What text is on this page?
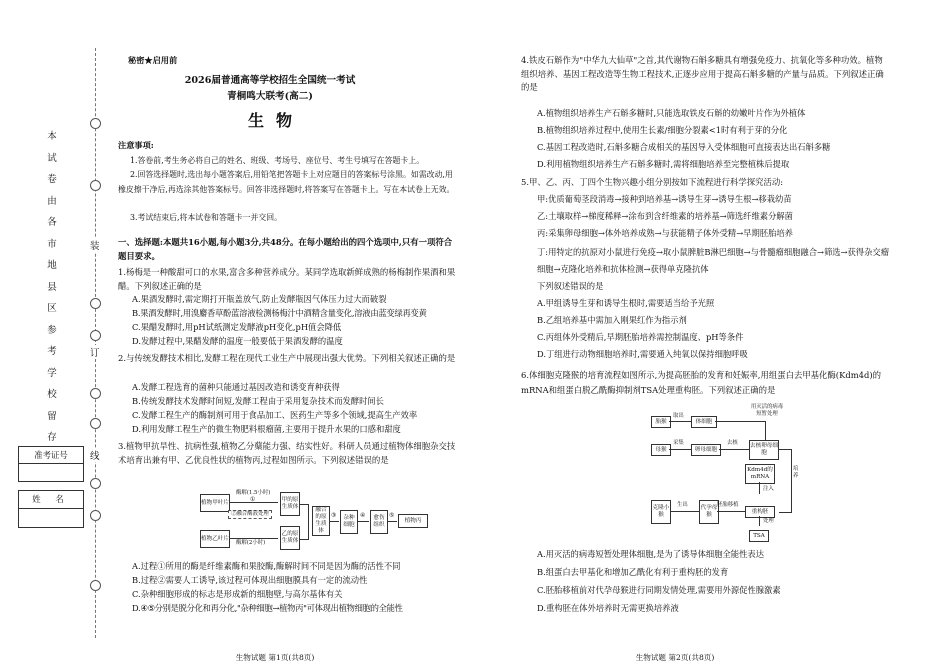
装
订
线
本
试
卷
由
各
市
地
县
区
参
考
学
校
留
存
准考证号
姓 名
秘密★启用前
2026届普通高等学校招生全国统一考试
青桐鸣大联考(高二)
生物
注意事项:
1.答卷前,考生务必将自己的姓名、班级、考场号、座位号、考生号填写在答题卡上。
2.回答选择题时,选出每小题答案后,用铅笔把答题卡上对应题目的答案标号涂黑。如需改动,用橡皮擦干净后,再选涂其他答案标号。回答非选择题时,将答案写在答题卡上。写在本试卷上无效。
3.考试结束后,将本试卷和答题卡一并交回。
一、选择题:本题共16小题,每小题3分,共48分。在每小题给出的四个选项中,只有一项符合题目要求。
1.杨梅是一种酸甜可口的水果,富含多种营养成分。某同学选取新鲜成熟的杨梅制作果酒和果醋。下列叙述正确的是
A.果酒发酵时,需定期打开瓶盖放气,防止发酵瓶因气体压力过大而破裂
B.果酒发酵时,用溴麝香草酚蓝溶液检测杨梅汁中酒精含量变化,溶液由蓝变绿再变黄
C.果醋发酵时,用pH试纸测定发酵液pH变化,pH值会降低
D.发酵过程中,果醋发酵的温度一般要低于果酒发酵的温度
2.与传统发酵技术相比,发酵工程在现代工业生产中展现出强大优势。下列相关叙述正确的是
A.发酵工程选育的菌种只能通过基因改造和诱变育种获得
B.传统发酵技术发酵时间短,发酵工程由于采用复杂技术而发酵时间长
C.发酵工程生产的酶制剂可用于食品加工、医药生产等多个领域,提高生产效率
D.利用发酵工程生产的微生物肥料根瘤菌,主要用于提升水果的口感和甜度
3.植物甲抗旱性、抗病性强,植物乙分蘖能力强、结实性好。科研人员通过植物体细胞杂交技术培育出兼有甲、乙优良性状的植物丙,过程如图所示。下列叙述错误的是
植物甲叶片
植物乙叶片
酶解(1.5小时)
②融合酶液处理
酶解(2小时)
①	甲的原生质体
乙的原生质体
融合的原生质体
③	杂种细胞
④	愈伤组织
⑤
植物丙
A.过程①所用的酶是纤维素酶和果胶酶,酶解时间不同是因为酶的活性不同
B.过程②需要人工诱导,该过程可体现出细胞膜具有一定的流动性
C.杂种细胞形成的标志是形成新的细胞壁,与高尔基体有关
D.④⑤分别是脱分化和再分化,"杂种细胞→植物丙"可体现出植物细胞的全能性
生物试题 第1页(共8页)
4.铁皮石斛作为"中华九大仙草"之首,其代谢物石斛多糖具有增强免疫力、抗氧化等多种功效。植物组织培养、基因工程改造等生物工程技术,正逐步应用于提高石斛多糖的产量与品质。下列叙述正确的是
A.植物组织培养生产石斛多糖时,只能选取铁皮石斛的幼嫩叶片作为外植体
B.植物组织培养过程中,使用生长素/细胞分裂素<1时有利于芽的分化
C.基因工程改造时,石斛多糖合成相关的基因导入受体细胞可直接表达出石斛多糖
D.利用植物组织培养生产石斛多糖时,需将细胞培养至完整植株后提取
5.甲、乙、丙、丁四个生物兴趣小组分别按如下流程进行科学探究活动:
甲:优质葡萄茎段消毒→接种到培养基→诱导生芽→诱导生根→移栽幼苗
乙:土壤取样→梯度稀释→涂布到含纤维素的培养基→筛选纤维素分解菌
丙:采集卵母细胞→体外培养成熟→与获能精子体外受精→早期胚胎培养
丁:用特定的抗原对小鼠进行免疫→取小鼠脾脏B淋巴细胞→与骨髓瘤细胞融合→筛选→获得杂交瘤细胞→克隆化培养和抗体检测→获得单克隆抗体
下列叙述错误的是
A.甲组诱导生芽和诱导生根时,需要适当给予光照
B.乙组培养基中需加入刚果红作为指示剂
C.丙组体外受精后,早期胚胎培养需控制温度、pH等条件
D.丁组进行动物细胞培养时,需要通入纯氧以保持细胞呼吸
6.体细胞克隆猴的培育流程如图所示,为提高胚胎的发育和妊娠率,用组蛋白去甲基化酶(Kdm4d)的mRNA和组蛋白脱乙酰酶抑制剂TSA处理重构胚。下列叙述正确的是
用灭活的病毒短暂处理
胎猴
取出
体细胞
母猴
采集
卵母细胞
去核 去核卵母细胞
Kdm4d的mRNA
注入
培养
重构胚
处理
TSA
代孕母猴
胚胎移植
生出
克隆小猴
A.用灭活的病毒短暂处理体细胞,是为了诱导体细胞全能性表达
B.组蛋白去甲基化和增加乙酰化有利于重构胚的发育
C.胚胎移植前对代孕母猴进行同期发情处理,需要用外源促性腺激素
D.重构胚在体外培养时无需更换培养液
生物试题 第2页(共8页)
